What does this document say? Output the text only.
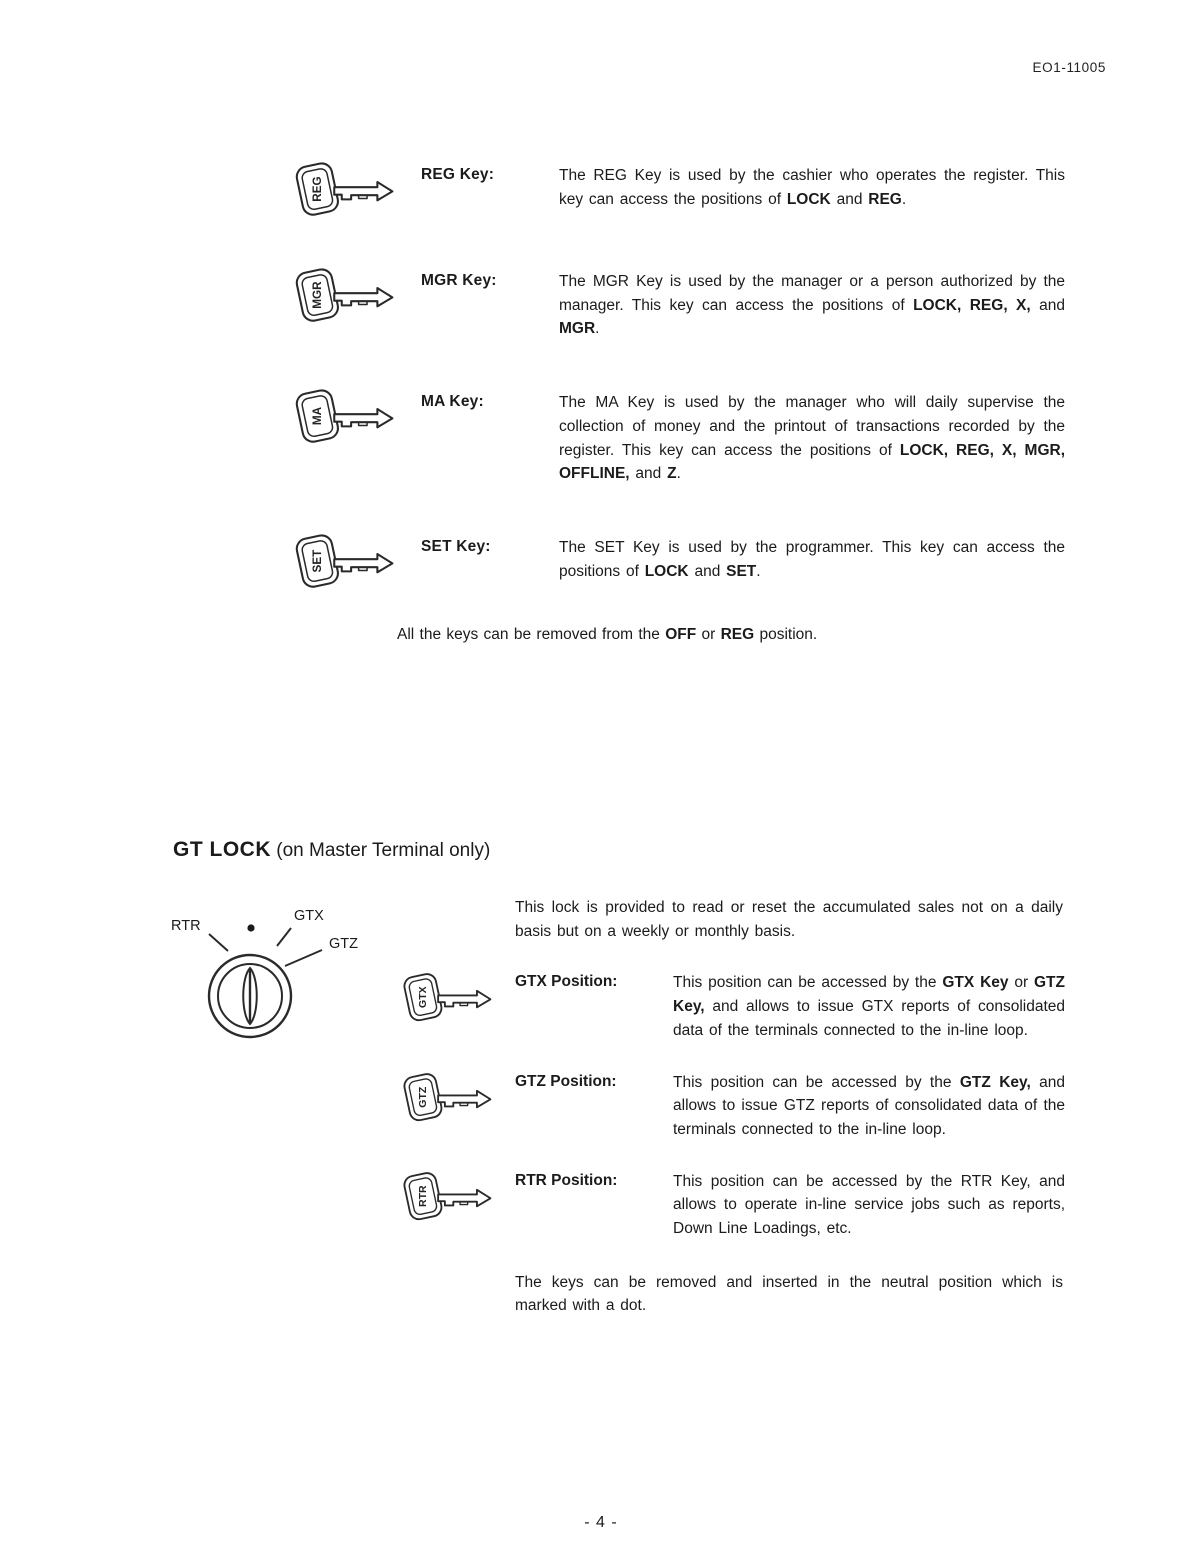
EO1-11005
REG
REG Key:	The REG Key is used by the cashier who operates the register. This key can access the positions of LOCK and REG.
MGR
MGR Key:	The MGR Key is used by the manager or a person authorized by the manager. This key can access the positions of LOCK, REG, X, and MGR.
MA
MA Key:	The MA Key is used by the manager who will daily supervise the collection of money and the printout of transactions recorded by the register. This key can access the positions of LOCK, REG, X, MGR, OFFLINE, and Z.
SET
SET Key:	The SET Key is used by the programmer. This key can access the positions of LOCK and SET.
All the keys can be removed from the OFF or REG position.
GT LOCK (on Master Terminal only)
RTR
GTX
GTZ
This lock is provided to read or reset the accumulated sales not on a daily basis but on a weekly or monthly basis.
GTX
GTX Position:	This position can be accessed by the GTX Key or GTZ Key, and allows to issue GTX reports of consolidated data of the terminals connected to the in-line loop.
GTZ
GTZ Position:	This position can be accessed by the GTZ Key, and allows to issue GTZ reports of consolidated data of the terminals connected to the in-line loop.
RTR
RTR Position:	This position can be accessed by the RTR Key, and allows to operate in-line service jobs such as reports, Down Line Loadings, etc.
The keys can be removed and inserted in the neutral position which is marked with a dot.
- 4 -
